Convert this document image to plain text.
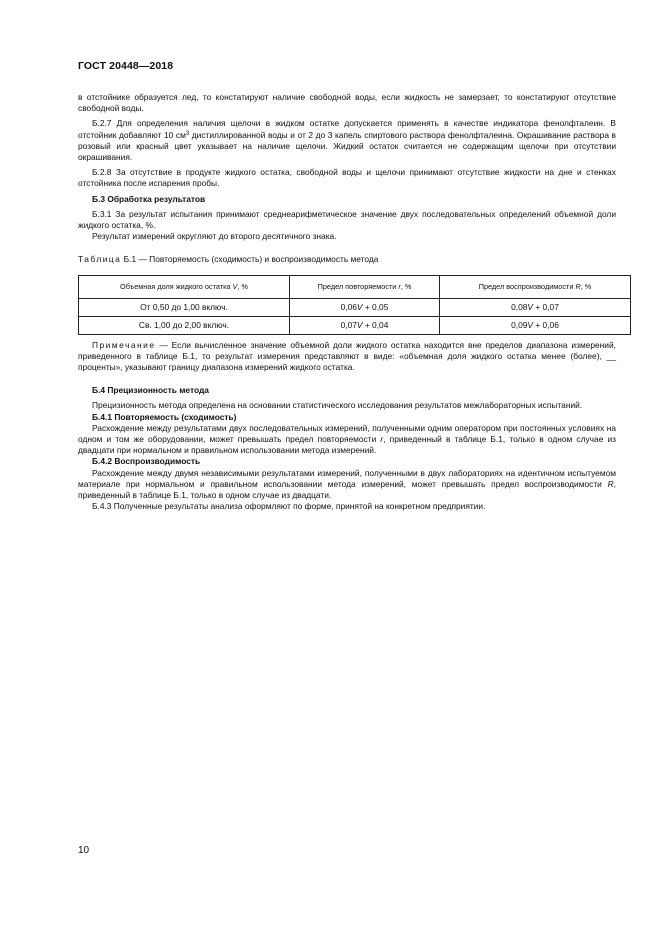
ГОСТ 20448—2018

в отстойнике образуется лед, то констатируют наличие свободной воды, если жидкость не замерзает, то констатируют отсутствие свободной воды.

Б.2.7 Для определения наличия щелочи в жидком остатке допускается применять в качестве индикатора фенолфталеин. В отстойник добавляют 10 $см^3$ дистиллированной воды и от 2 до 3 капель спиртового раствора фенолфталеина. Окрашивание раствора в розовый или красный цвет указывает на наличие щелочи. Жидкий остаток считается не содержащим щелочи при отсутствии окрашивания.

Б.2.8 За отсутствие в продукте жидкого остатка, свободной воды и щелочи принимают отсутствие жидкости на дне и стенках отстойника после испарения пробы.

Б.3 Обработка результатов

Б.3.1 За результат испытания принимают среднеарифметическое значение двух последовательных определений объемной доли жидкого остатка, %.

Результат измерений округляют до второго десятичного знака.

Таблица Б.1 — Повторяемость (сходимость) и воспроизводимость метода

Объемная доля жидкого остатка V, %	Предел повторяемости r, %	Предел воспроизводимости R, %
От 0,50 до 1,00 включ.	0,06V + 0,05	0,08V + 0,07
Св. 1,00 до 2,00 включ.	0,07V + 0,04	0,09V + 0,06

Примечание — Если вычисленное значение объемной доли жидкого остатка находится вне пределов диапазона измерений, приведенного в таблице Б.1, то результат измерения представляют в виде: «объемная доля жидкого остатка менее (более), __ проценты», указывают границу диапазона измерений жидкого остатка.

Б.4 Прецизионность метода

Прецизионность метода определена на основании статистического исследования результатов межлабораторных испытаний.

Б.4.1 Повторяемость (сходимость)

Расхождение между результатами двух последовательных измерений, полученными одним оператором при постоянных условиях на одном и том же оборудовании, может превышать предел повторяемости r, приведенный в таблице Б.1, только в одном случае из двадцати при нормальном и правильном использовании метода измерений.

Б.4.2 Воспроизводимость

Расхождение между двумя независимыми результатами измерений, полученными в двух лабораториях на идентичном испытуемом материале при нормальном и правильном использовании метода измерений, может превышать предел воспроизводимости R, приведенный в таблице Б.1, только в одном случае из двадцати.

Б.4.3 Полученные результаты анализа оформляют по форме, принятой на конкретном предприятии.

10
